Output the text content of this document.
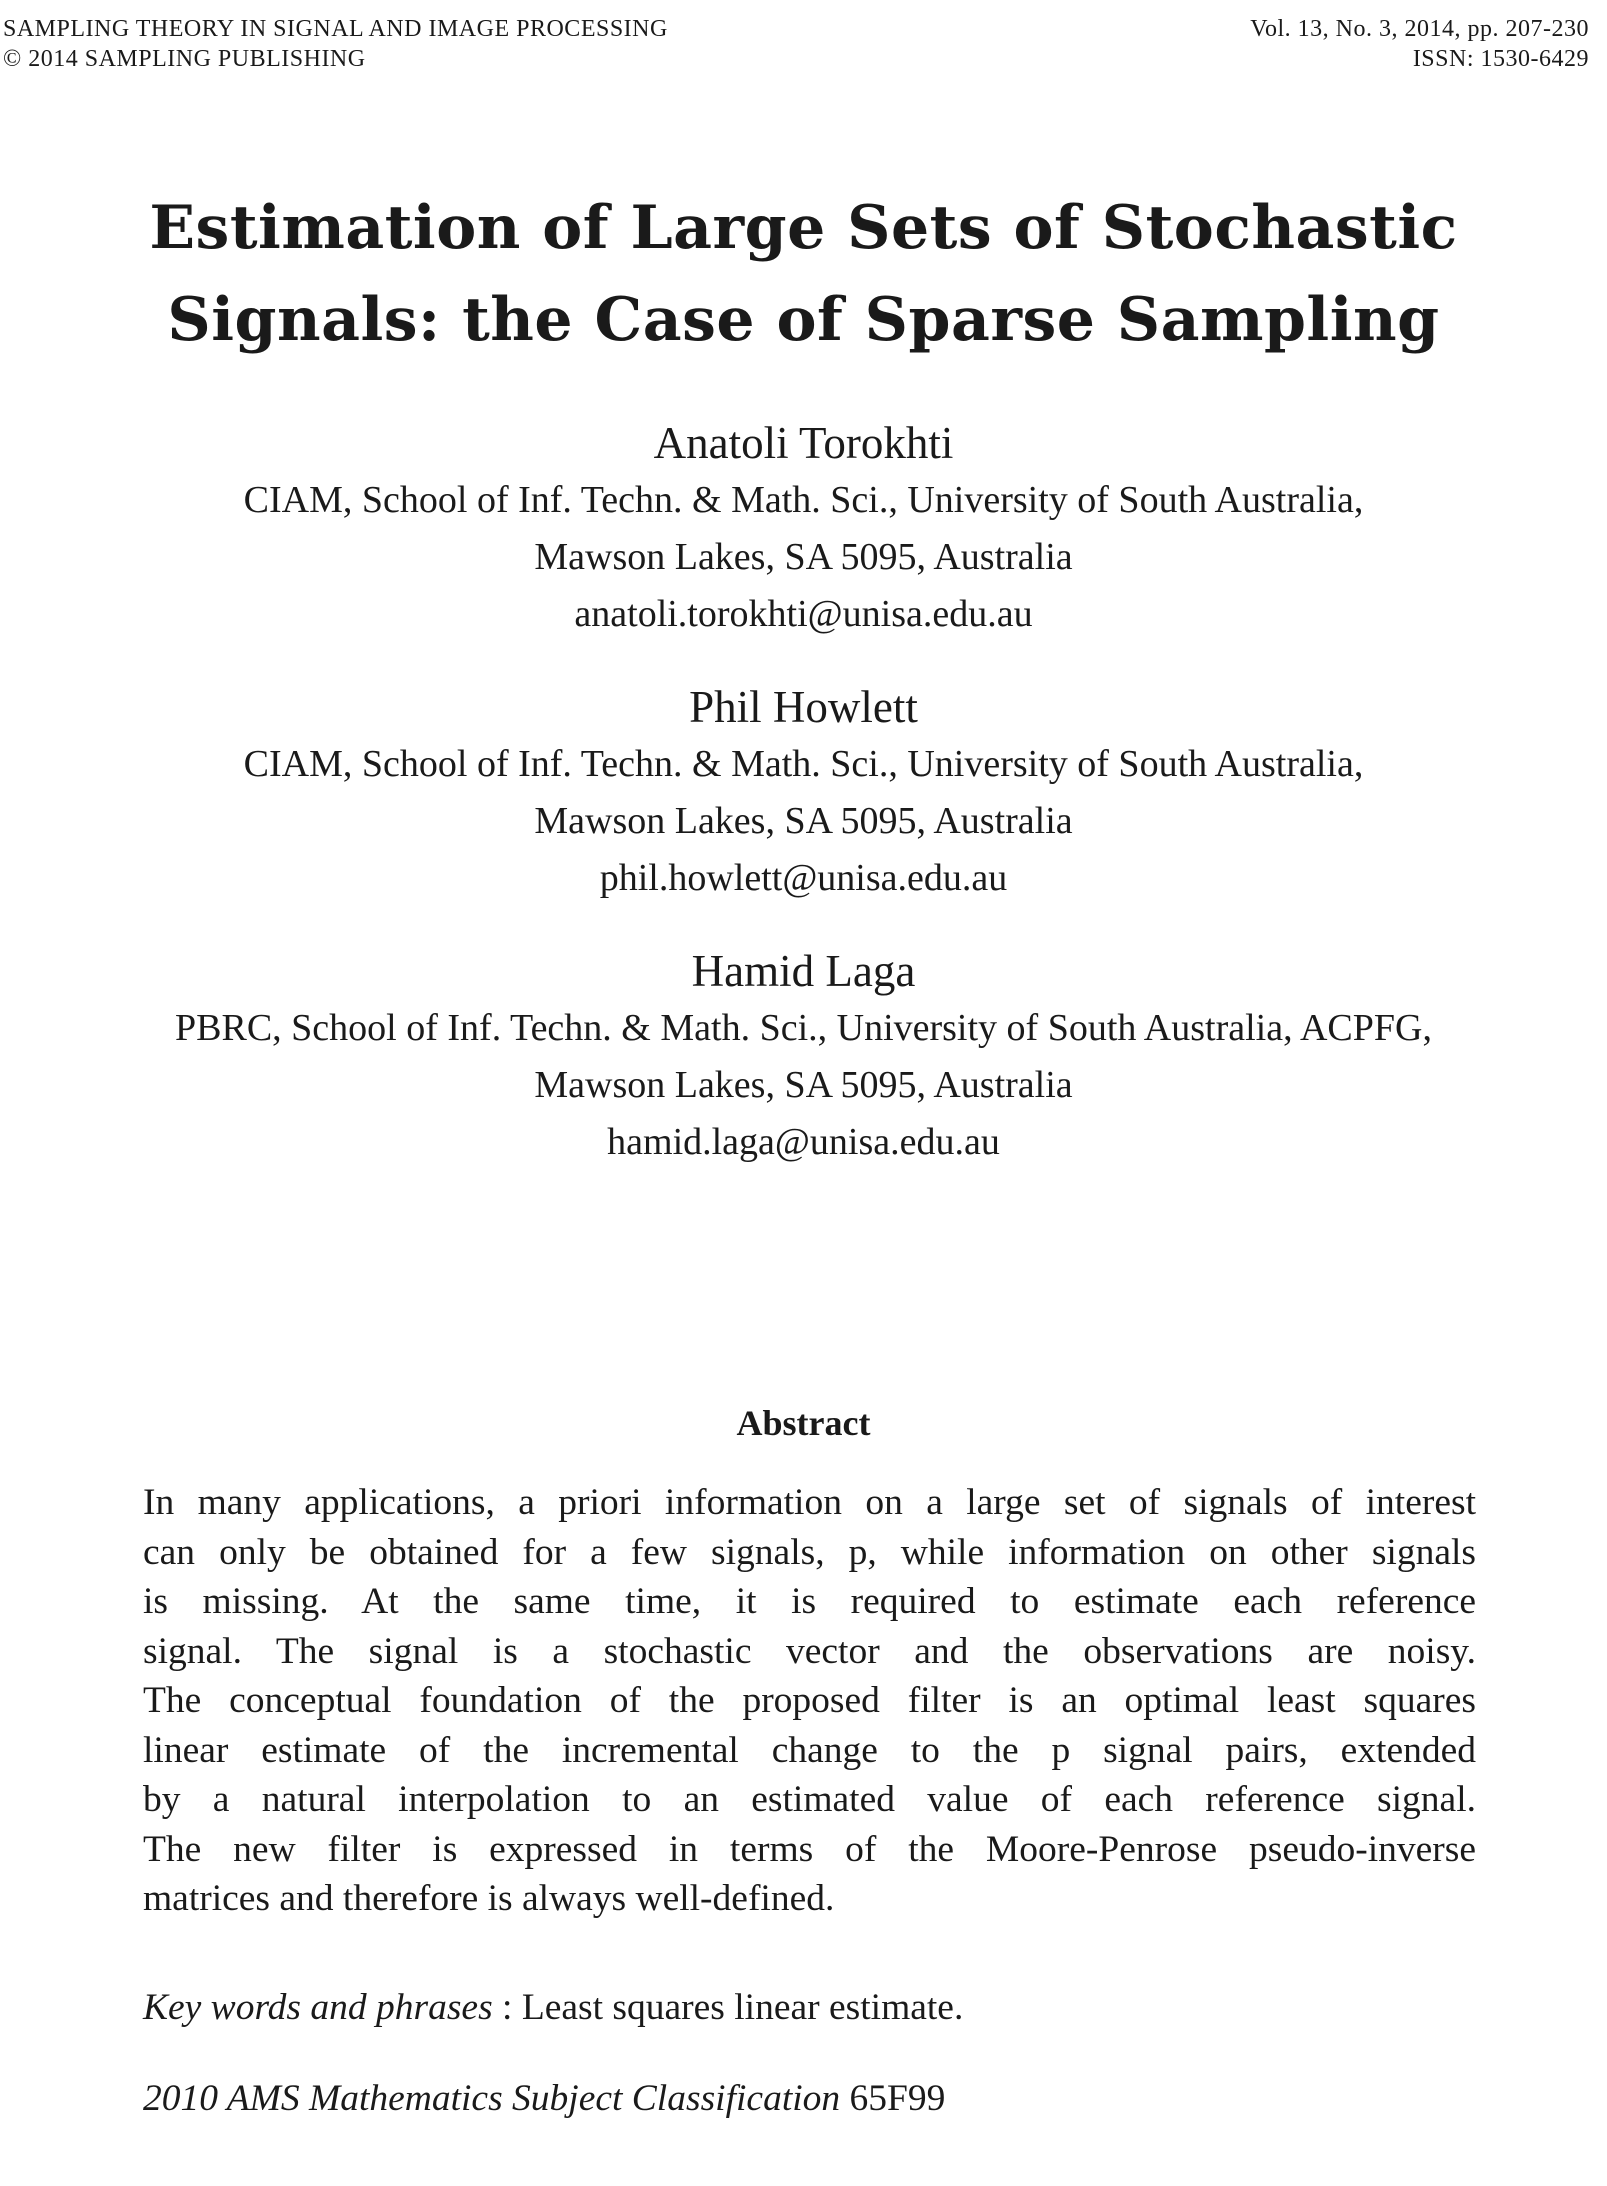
SAMPLING THEORY IN SIGNAL AND IMAGE PROCESSING
© 2014 SAMPLING PUBLISHING
Vol. 13, No. 3, 2014, pp. 207-230
ISSN: 1530-6429
Estimation of Large Sets of Stochastic
Signals: the Case of Sparse Sampling
Anatoli Torokhti
CIAM, School of Inf. Techn. & Math. Sci., University of South Australia,
Mawson Lakes, SA 5095, Australia
anatoli.torokhti@unisa.edu.au
Phil Howlett
CIAM, School of Inf. Techn. & Math. Sci., University of South Australia,
Mawson Lakes, SA 5095, Australia
phil.howlett@unisa.edu.au
Hamid Laga
PBRC, School of Inf. Techn. & Math. Sci., University of South Australia, ACPFG,
Mawson Lakes, SA 5095, Australia
hamid.laga@unisa.edu.au
Abstract
In many applications, a priori information on a large set of signals of interest
can only be obtained for a few signals, p, while information on other signals
is missing. At the same time, it is required to estimate each reference
signal. The signal is a stochastic vector and the observations are noisy.
The conceptual foundation of the proposed filter is an optimal least squares
linear estimate of the incremental change to the p signal pairs, extended
by a natural interpolation to an estimated value of each reference signal.
The new filter is expressed in terms of the Moore-Penrose pseudo-inverse
matrices and therefore is always well-defined.
Key words and phrases : Least squares linear estimate.
2010 AMS Mathematics Subject Classification 65F99
